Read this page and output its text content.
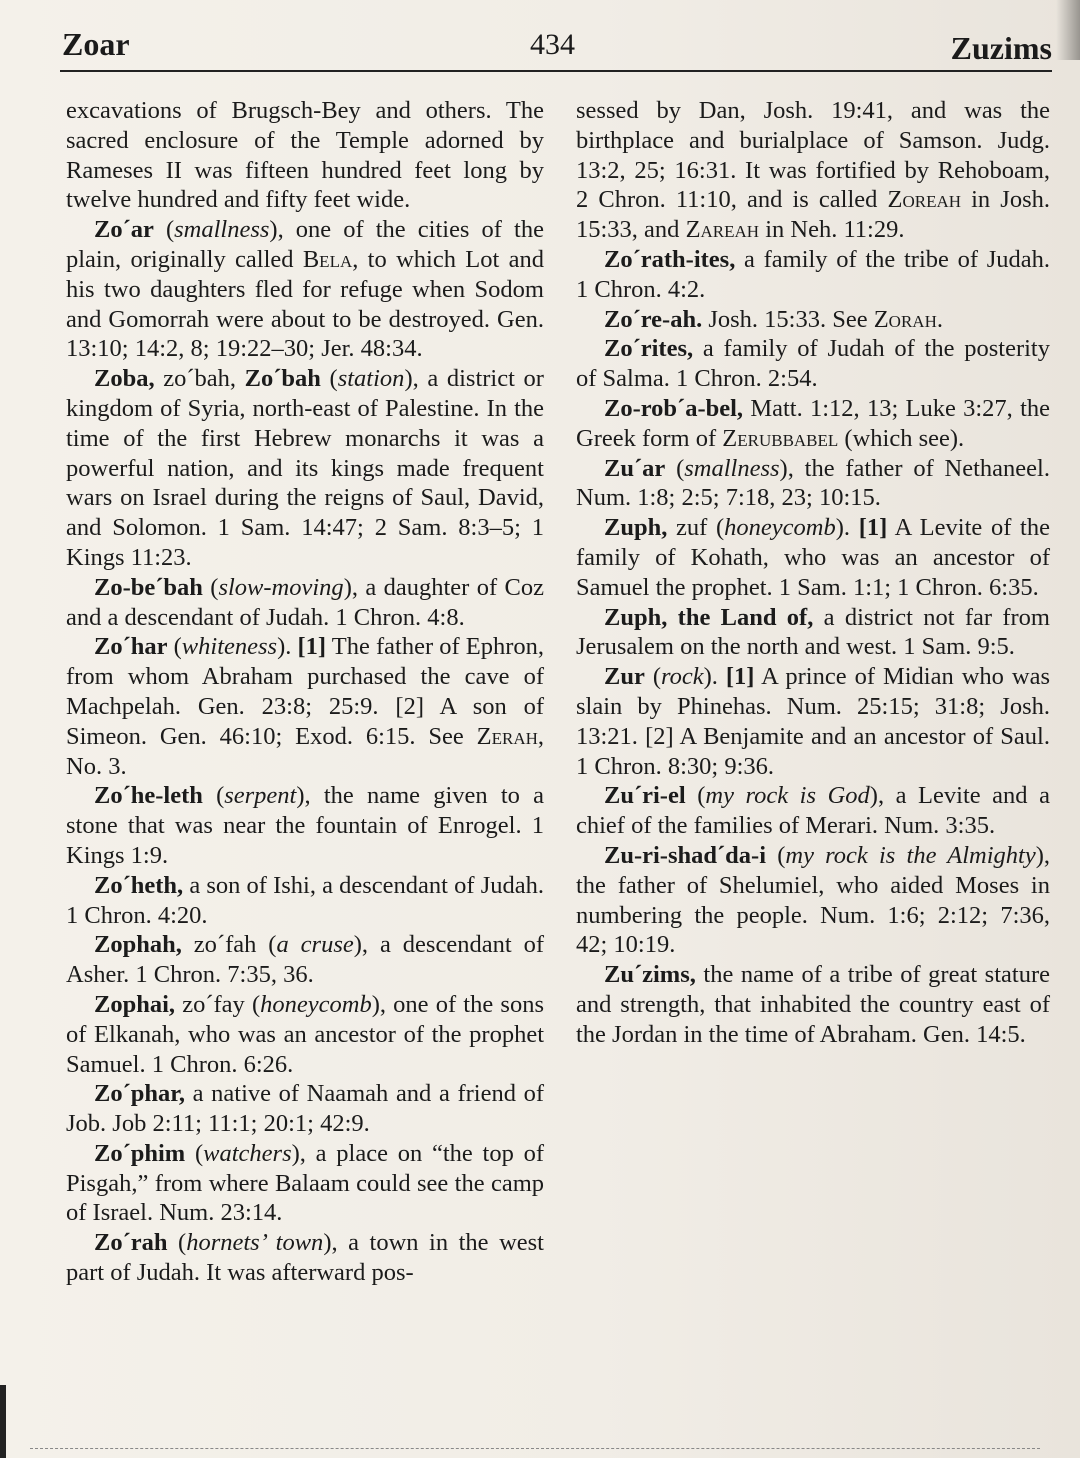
Zoar	434	Zuzims

excavations of Brugsch-Bey and others. The sacred enclosure of the Temple adorned by Rameses II was fifteen hundred feet long by twelve hundred and fifty feet wide.

Zo´ar (smallness), one of the cities of the plain, originally called Bela, to which Lot and his two daughters fled for refuge when Sodom and Gomorrah were about to be destroyed. Gen. 13:10; 14:2, 8; 19:22–30; Jer. 48:34.

Zoba, zo´bah, Zo´bah (station), a district or kingdom of Syria, north-east of Palestine. In the time of the first Hebrew monarchs it was a powerful nation, and its kings made frequent wars on Israel during the reigns of Saul, David, and Solomon. 1 Sam. 14:47; 2 Sam. 8:3–5; 1 Kings 11:23.

Zo-be´bah (slow-moving), a daughter of Coz and a descendant of Judah. 1 Chron. 4:8.

Zo´har (whiteness). [1] The father of Ephron, from whom Abraham purchased the cave of Machpelah. Gen. 23:8; 25:9. [2] A son of Simeon. Gen. 46:10; Exod. 6:15. See Zerah, No. 3.

Zo´he-leth (serpent), the name given to a stone that was near the fountain of Enrogel. 1 Kings 1:9.

Zo´heth, a son of Ishi, a descendant of Judah. 1 Chron. 4:20.

Zophah, zo´fah (a cruse), a descendant of Asher. 1 Chron. 7:35, 36.

Zophai, zo´fay (honeycomb), one of the sons of Elkanah, who was an ancestor of the prophet Samuel. 1 Chron. 6:26.

Zo´phar, a native of Naamah and a friend of Job. Job 2:11; 11:1; 20:1; 42:9.

Zo´phim (watchers), a place on “the top of Pisgah,” from where Balaam could see the camp of Israel. Num. 23:14.

Zo´rah (hornets’ town), a town in the west part of Judah. It was afterward pos-

sessed by Dan, Josh. 19:41, and was the birthplace and burialplace of Samson. Judg. 13:2, 25; 16:31. It was fortified by Rehoboam, 2 Chron. 11:10, and is called Zoreah in Josh. 15:33, and Zareah in Neh. 11:29.

Zo´rath-ites, a family of the tribe of Judah. 1 Chron. 4:2.

Zo´re-ah. Josh. 15:33. See Zorah.

Zo´rites, a family of Judah of the posterity of Salma. 1 Chron. 2:54.

Zo-rob´a-bel, Matt. 1:12, 13; Luke 3:27, the Greek form of Zerubbabel (which see).

Zu´ar (smallness), the father of Nethaneel. Num. 1:8; 2:5; 7:18, 23; 10:15.

Zuph, zuf (honeycomb). [1] A Levite of the family of Kohath, who was an ancestor of Samuel the prophet. 1 Sam. 1:1; 1 Chron. 6:35.

Zuph, the Land of, a district not far from Jerusalem on the north and west. 1 Sam. 9:5.

Zur (rock). [1] A prince of Midian who was slain by Phinehas. Num. 25:15; 31:8; Josh. 13:21. [2] A Benjamite and an ancestor of Saul. 1 Chron. 8:30; 9:36.

Zu´ri-el (my rock is God), a Levite and a chief of the families of Merari. Num. 3:35.

Zu-ri-shad´da-i (my rock is the Almighty), the father of Shelumiel, who aided Moses in numbering the people. Num. 1:6; 2:12; 7:36, 42; 10:19.

Zu´zims, the name of a tribe of great stature and strength, that inhabited the country east of the Jordan in the time of Abraham. Gen. 14:5.
